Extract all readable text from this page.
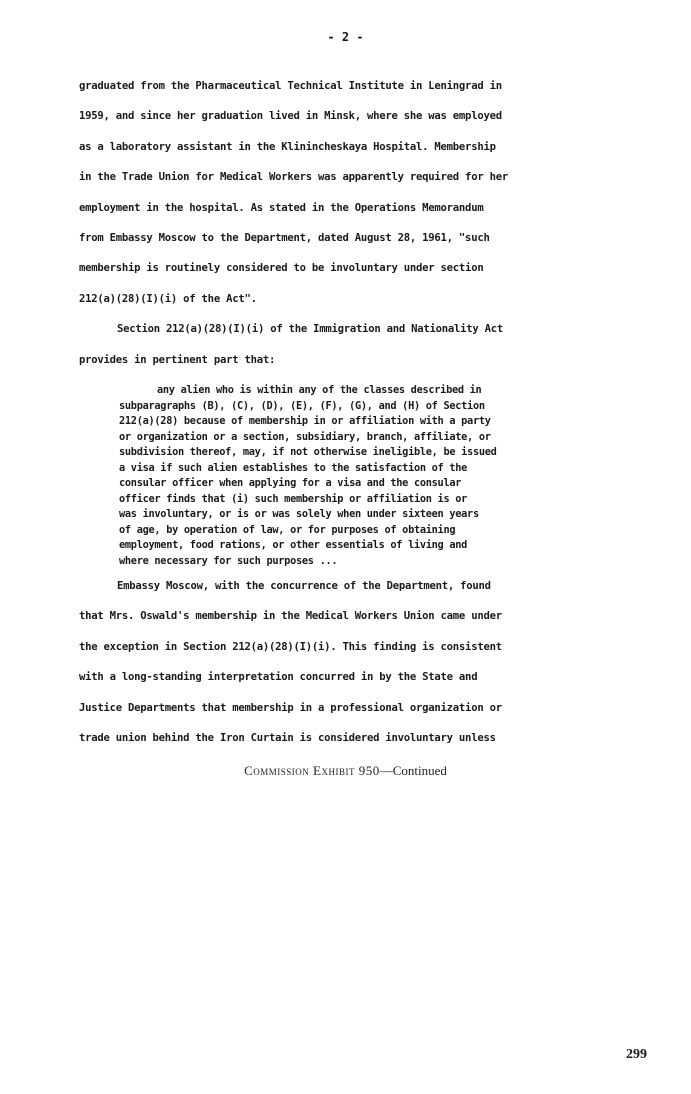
- 2 -
graduated from the Pharmaceutical Technical Institute in Leningrad in
1959, and since her graduation lived in Minsk, where she was employed
as a laboratory assistant in the Klinincheskaya Hospital. Membership
in the Trade Union for Medical Workers was apparently required for her
employment in the hospital. As stated in the Operations Memorandum
from Embassy Moscow to the Department, dated August 28, 1961, "such
membership is routinely considered to be involuntary under section
212(a)(28)(I)(i) of the Act".
Section 212(a)(28)(I)(i) of the Immigration and Nationality Act
provides in pertinent part that:
any alien who is within any of the classes described in
subparagraphs (B), (C), (D), (E), (F), (G), and (H) of Section
212(a)(28) because of membership in or affiliation with a party
or organization or a section, subsidiary, branch, affiliate, or
subdivision thereof, may, if not otherwise ineligible, be issued
a visa if such alien establishes to the satisfaction of the
consular officer when applying for a visa and the consular
officer finds that (i) such membership or affiliation is or
was involuntary, or is or was solely when under sixteen years
of age, by operation of law, or for purposes of obtaining
employment, food rations, or other essentials of living and
where necessary for such purposes ...
Embassy Moscow, with the concurrence of the Department, found
that Mrs. Oswald's membership in the Medical Workers Union came under
the exception in Section 212(a)(28)(I)(i). This finding is consistent
with a long-standing interpretation concurred in by the State and
Justice Departments that membership in a professional organization or
trade union behind the Iron Curtain is considered involuntary unless
Commission Exhibit 950—Continued
299
